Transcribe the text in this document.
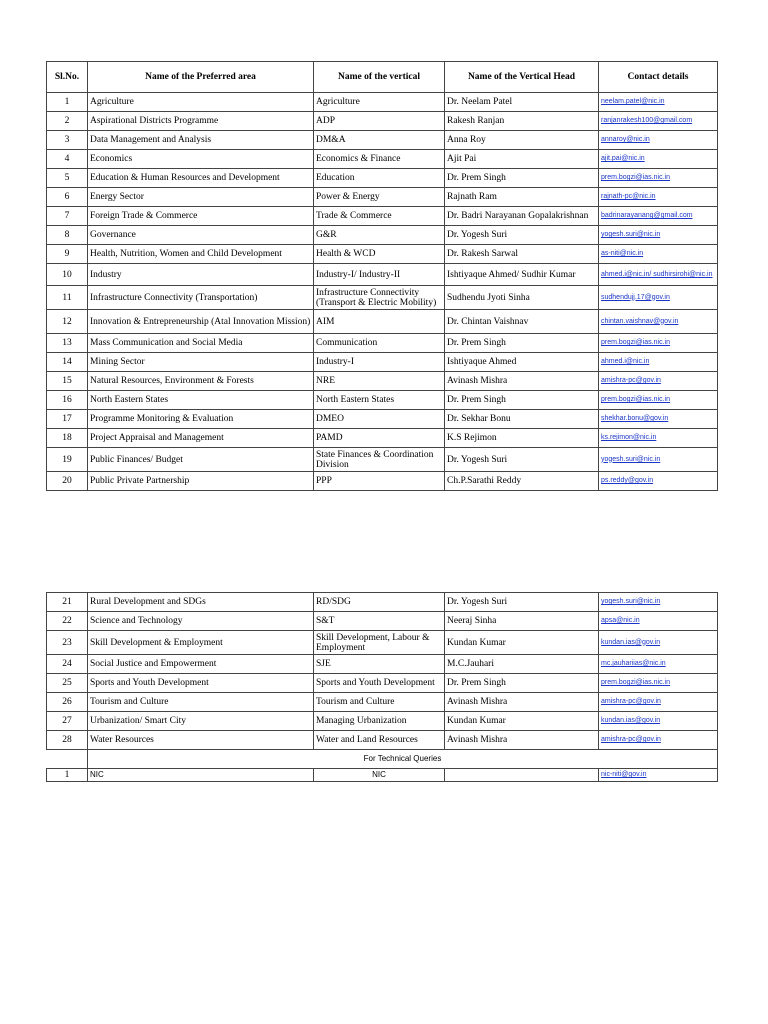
Sl.No.	Name of the Preferred area	Name of the vertical	Name of the Vertical Head	Contact details
1	Agriculture	Agriculture	Dr. Neelam Patel	neelam.patel@nic.in
2	Aspirational Districts Programme	ADP	Rakesh Ranjan	ranjanrakesh100@gmail.com
3	Data Management and Analysis	DM&A	Anna Roy	annaroy@nic.in
4	Economics	Economics & Finance	Ajit Pai	ajit.pai@nic.in
5	Education & Human Resources and Development	Education	Dr. Prem Singh	prem.bogzi@ias.nic.in
6	Energy Sector	Power & Energy	Rajnath Ram	rajnath-pc@nic.in
7	Foreign Trade & Commerce	Trade & Commerce	Dr. Badri Narayanan Gopalakrishnan	badrinarayanang@gmail.com
8	Governance	G&R	Dr. Yogesh Suri	yogesh.suri@nic.in
9	Health, Nutrition, Women and Child Development	Health & WCD	Dr. Rakesh Sarwal	as-niti@nic.in
10	Industry	Industry-I/ Industry-II	Ishtiyaque Ahmed/ Sudhir Kumar	ahmed.i@nic.in/ sudhirsirohi@nic.in
11	Infrastructure Connectivity (Transportation)	Infrastructure Connectivity (Transport & Electric Mobility)	Sudhendu Jyoti Sinha	sudhendujj.17@gov.in
12	Innovation & Entrepreneurship (Atal Innovation Mission)	AIM	Dr. Chintan Vaishnav	chintan.vaishnav@gov.in
13	Mass Communication and Social Media	Communication	Dr. Prem Singh	prem.bogzi@ias.nic.in
14	Mining Sector	Industry-I	Ishtiyaque Ahmed	ahmed.i@nic.in
15	Natural Resources, Environment & Forests	NRE	Avinash Mishra	amishra-pc@gov.in
16	North Eastern States	North Eastern States	Dr. Prem Singh	prem.bogzi@ias.nic.in
17	Programme Monitoring & Evaluation	DMEO	Dr. Sekhar Bonu	shekhar.bonu@gov.in
18	Project Appraisal and Management	PAMD	K.S Rejimon	ks.rejimon@nic.in
19	Public Finances/ Budget	State Finances & Coordination Division	Dr. Yogesh Suri	yogesh.suri@nic.in
20	Public Private Partnership	PPP	Ch.P.Sarathi Reddy	ps.reddy@gov.in
21	Rural Development and SDGs	RD/SDG	Dr. Yogesh Suri	yogesh.suri@nic.in
22	Science and Technology	S&T	Neeraj Sinha	apsa@nic.in
23	Skill Development & Employment	Skill Development, Labour & Employment	Kundan Kumar	kundan.ias@gov.in
24	Social Justice and Empowerment	SJE	M.C.Jauhari	mc.jauhariias@nic.in
25	Sports and Youth Development	Sports and Youth Development	Dr. Prem Singh	prem.bogzi@ias.nic.in
26	Tourism and Culture	Tourism and Culture	Avinash Mishra	amishra-pc@gov.in
27	Urbanization/ Smart City	Managing Urbanization	Kundan Kumar	kundan.ias@gov.in
28	Water Resources	Water and Land Resources	Avinash Mishra	amishra-pc@gov.in
	For Technical Queries			
1	NIC	NIC		nic-niti@gov.in
